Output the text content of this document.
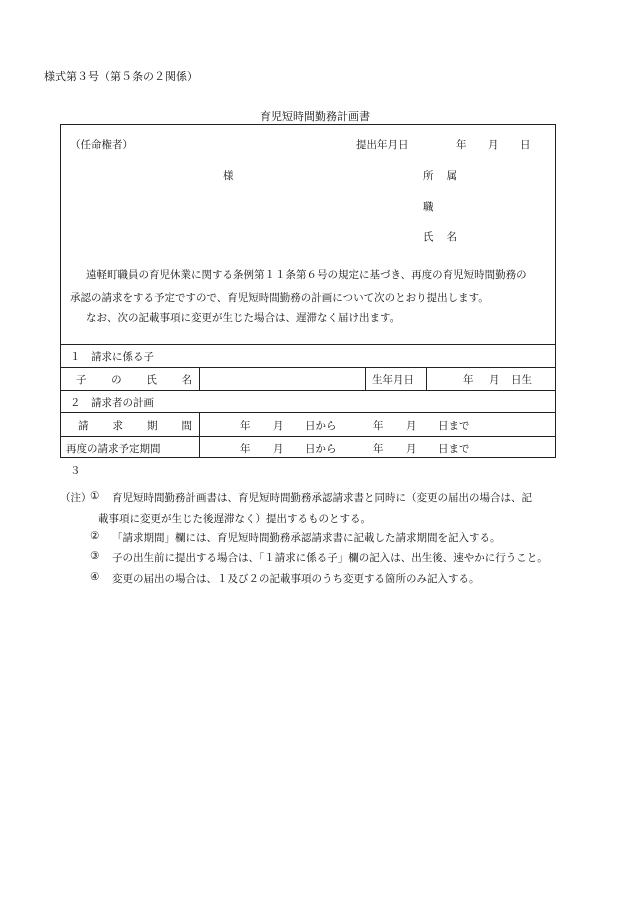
様式第３号（第５条の２関係）
育児短時間勤務計画書
（任命権者）	提出年月日	年 月 日
様	所 属
職
氏 名
遠軽町職員の育児休業に関する条例第１１条第６号の規定に基づき、再度の育児短時間勤務の
承認の請求をする予定ですので、育児短時間勤務の計画について次のとおり提出します。
なお、次の記載事項に変更が生じた場合は、遅滞なく届け出ます。
１　請求に係る子
子 の 氏 名	生年月日	年 月 日生
２　請求者の計画
請 求 期 間	年 月 日から	年 月 日まで
再度の請求予定期間	年 月 日から	年 月 日まで
３
（注）
① 育児短時間勤務計画書は、育児短時間勤務承認請求書と同時に（変更の届出の場合は、記
載事項に変更が生じた後遅滞なく）提出するものとする。
② 「請求期間」欄には、育児短時間勤務承認請求書に記載した請求期間を記入する。
③ 子の出生前に提出する場合は、「１請求に係る子」欄の記入は、出生後、速やかに行うこと。
④ 変更の届出の場合は、１及び２の記載事項のうち変更する箇所のみ記入する。
